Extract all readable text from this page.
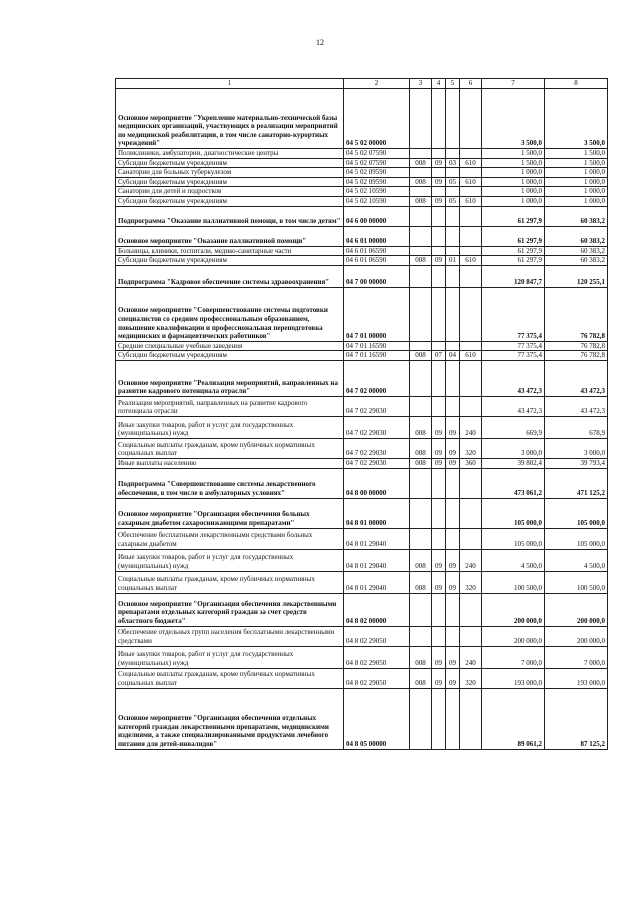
12
1	2	3	4	5	6	7	8
Основное мероприятие "Укрепление материально-технической базы медицинских организаций, участвующих в реализации мероприятий по медицинской реабилитации, в том числе санаторно-курортных учреждений"	04 5 02 00000					3 500,0	3 500,0
Поликлиники, амбулатории, диагностические центры	04 5 02 07590					1 500,0	1 500,0
Субсидии бюджетным учреждениям	04 5 02 07590	008	09	03	610	1 500,0	1 500,0
Санатории для больных туберкулезом	04 5 02 09590					1 000,0	1 000,0
Субсидии бюджетным учреждениям	04 5 02 09590	008	09	05	610	1 000,0	1 000,0
Санатории для детей и подростков	04 5 02 10590					1 000,0	1 000,0
Субсидии бюджетным учреждениям	04 5 02 10590	008	09	05	610	1 000,0	1 000,0
Подпрограмма "Оказание паллиативной помощи, в том числе детям"	04 6 00 00000					61 297,9	60 383,2
Основное мероприятие "Оказание паллиативной помощи"	04 6 01 00000					61 297,9	60 383,2
Больницы, клиники, госпитали, медико-санитарные части	04 6 01 06590					61 297,9	60 383,2
Субсидии бюджетным учреждениям	04 6 01 06590	008	09	01	610	61 297,9	60 383,2
Подпрограмма "Кадровое обеспечение системы здравоохранения"	04 7 00 00000					120 847,7	120 255,1
Основное мероприятие "Совершенствование системы подготовки специалистов со средним профессиональным образованием, повышение квалификации и профессиональная переподготовка медицинских и фармацевтических работников"	04 7 01 00000					77 375,4	76 782,8
Средние специальные учебные заведения	04 7 01 16590					77 375,4	76 782,8
Субсидии бюджетным учреждениям	04 7 01 16590	008	07	04	610	77 375,4	76 782,8
Основное мероприятие "Реализация мероприятий, направленных на развитие кадрового потенциала отрасли"	04 7 02 00000					43 472,3	43 472,3
Реализация мероприятий, направленных на развитие кадрового потенциала отрасли	04 7 02 29030					43 472,3	43 472,3
Иные закупки товаров, работ и услуг для государственных (муниципальных) нужд	04 7 02 29030	008	09	09	240	669,9	678,9
Социальные выплаты гражданам, кроме публичных нормативных социальных выплат	04 7 02 29030	008	09	09	320	3 000,0	3 000,0
Иные выплаты населению	04 7 02 29030	008	09	09	360	39 802,4	39 793,4
Подпрограмма "Совершенствование системы лекарственного обеспечения, в том числе в амбулаторных условиях"	04 8 00 00000					473 061,2	471 125,2
Основное мероприятие "Организация обеспечения больных сахарным диабетом сахароснижающими препаратами"	04 8 01 00000					105 000,0	105 000,0
Обеспечение бесплатными лекарственными средствами больных сахарным диабетом	04 8 01 29040					105 000,0	105 000,0
Иные закупки товаров, работ и услуг для государственных (муниципальных) нужд	04 8 01 29040	008	09	09	240	4 500,0	4 500,0
Социальные выплаты гражданам, кроме публичных нормативных социальных выплат	04 8 01 29040	008	09	09	320	100 500,0	100 500,0
Основное мероприятие "Организация обеспечения лекарственными препаратами отдельных категорий граждан за счет средств областного бюджета"	04 8 02 00000					200 000,0	200 000,0
Обеспечение отдельных групп населения бесплатными лекарственными средствами	04 8 02 29050					200 000,0	200 000,0
Иные закупки товаров, работ и услуг для государственных (муниципальных) нужд	04 8 02 29050	008	09	09	240	7 000,0	7 000,0
Социальные выплаты гражданам, кроме публичных нормативных социальных выплат	04 8 02 29050	008	09	09	320	193 000,0	193 000,0
Основное мероприятие "Организация обеспечения отдельных категорий граждан лекарственными препаратами, медицинскими изделиями, а также специализированными продуктами лечебного питания для детей-инвалидов"	04 8 05 00000					89 061,2	87 125,2
